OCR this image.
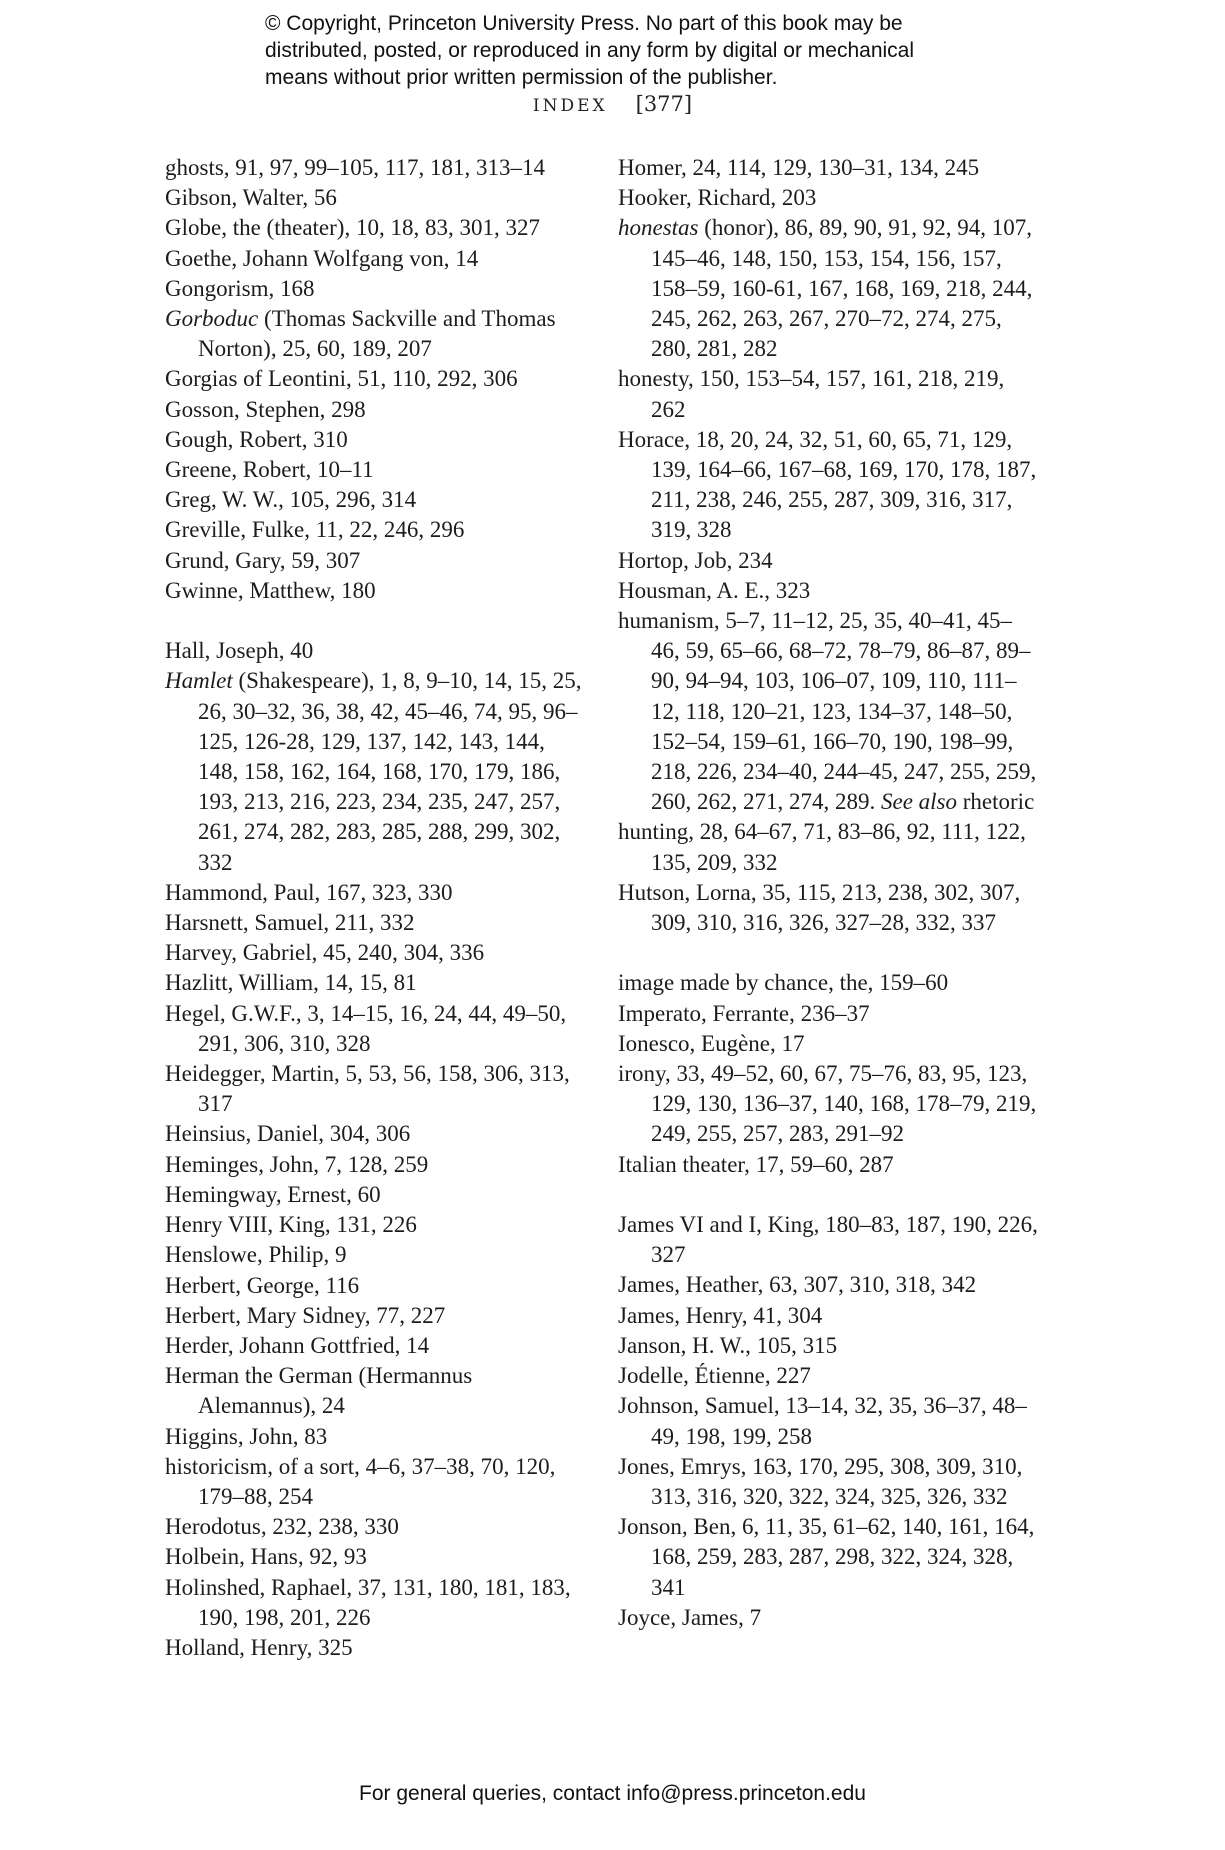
© Copyright, Princeton University Press. No part of this book may be
distributed, posted, or reproduced in any form by digital or mechanical
means without prior written permission of the publisher.
INDEX [377]

ghosts, 91, 97, 99–105, 117, 181, 313–14

Gibson, Walter, 56

Globe, the (theater), 10, 18, 83, 301, 327

Goethe, Johann Wolfgang von, 14

Gongorism, 168

Gorboduc (Thomas Sackville and Thomas Norton), 25, 60, 189, 207

Gorgias of Leontini, 51, 110, 292, 306

Gosson, Stephen, 298

Gough, Robert, 310

Greene, Robert, 10–11

Greg, W. W., 105, 296, 314

Greville, Fulke, 11, 22, 246, 296

Grund, Gary, 59, 307

Gwinne, Matthew, 180

Hall, Joseph, 40

Hamlet (Shakespeare), 1, 8, 9–10, 14, 15, 25, 26, 30–32, 36, 38, 42, 45–46, 74, 95, 96–125, 126-28, 129, 137, 142, 143, 144, 148, 158, 162, 164, 168, 170, 179, 186, 193, 213, 216, 223, 234, 235, 247, 257, 261, 274, 282, 283, 285, 288, 299, 302, 332

Hammond, Paul, 167, 323, 330

Harsnett, Samuel, 211, 332

Harvey, Gabriel, 45, 240, 304, 336

Hazlitt, William, 14, 15, 81

Hegel, G.W.F., 3, 14–15, 16, 24, 44, 49–50, 291, 306, 310, 328

Heidegger, Martin, 5, 53, 56, 158, 306, 313, 317

Heinsius, Daniel, 304, 306

Heminges, John, 7, 128, 259

Hemingway, Ernest, 60

Henry VIII, King, 131, 226

Henslowe, Philip, 9

Herbert, George, 116

Herbert, Mary Sidney, 77, 227

Herder, Johann Gottfried, 14

Herman the German (Hermannus Alemannus), 24

Higgins, John, 83

historicism, of a sort, 4–6, 37–38, 70, 120, 179–88, 254

Herodotus, 232, 238, 330

Holbein, Hans, 92, 93

Holinshed, Raphael, 37, 131, 180, 181, 183, 190, 198, 201, 226

Holland, Henry, 325

Homer, 24, 114, 129, 130–31, 134, 245

Hooker, Richard, 203

honestas (honor), 86, 89, 90, 91, 92, 94, 107, 145–46, 148, 150, 153, 154, 156, 157, 158–59, 160-61, 167, 168, 169, 218, 244, 245, 262, 263, 267, 270–72, 274, 275, 280, 281, 282

honesty, 150, 153–54, 157, 161, 218, 219, 262

Horace, 18, 20, 24, 32, 51, 60, 65, 71, 129, 139, 164–66, 167–68, 169, 170, 178, 187, 211, 238, 246, 255, 287, 309, 316, 317, 319, 328

Hortop, Job, 234

Housman, A. E., 323

humanism, 5–7, 11–12, 25, 35, 40–41, 45–46, 59, 65–66, 68–72, 78–79, 86–87, 89–90, 94–94, 103, 106–07, 109, 110, 111–12, 118, 120–21, 123, 134–37, 148–50, 152–54, 159–61, 166–70, 190, 198–99, 218, 226, 234–40, 244–45, 247, 255, 259, 260, 262, 271, 274, 289. See also rhetoric

hunting, 28, 64–67, 71, 83–86, 92, 111, 122, 135, 209, 332

Hutson, Lorna, 35, 115, 213, 238, 302, 307, 309, 310, 316, 326, 327–28, 332, 337

image made by chance, the, 159–60

Imperato, Ferrante, 236–37

Ionesco, Eugène, 17

irony, 33, 49–52, 60, 67, 75–76, 83, 95, 123, 129, 130, 136–37, 140, 168, 178–79, 219, 249, 255, 257, 283, 291–92

Italian theater, 17, 59–60, 287

James VI and I, King, 180–83, 187, 190, 226, 327

James, Heather, 63, 307, 310, 318, 342

James, Henry, 41, 304

Janson, H. W., 105, 315

Jodelle, Étienne, 227

Johnson, Samuel, 13–14, 32, 35, 36–37, 48–49, 198, 199, 258

Jones, Emrys, 163, 170, 295, 308, 309, 310, 313, 316, 320, 322, 324, 325, 326, 332

Jonson, Ben, 6, 11, 35, 61–62, 140, 161, 164, 168, 259, 283, 287, 298, 322, 324, 328, 341

Joyce, James, 7

For general queries, contact info@press.princeton.edu
